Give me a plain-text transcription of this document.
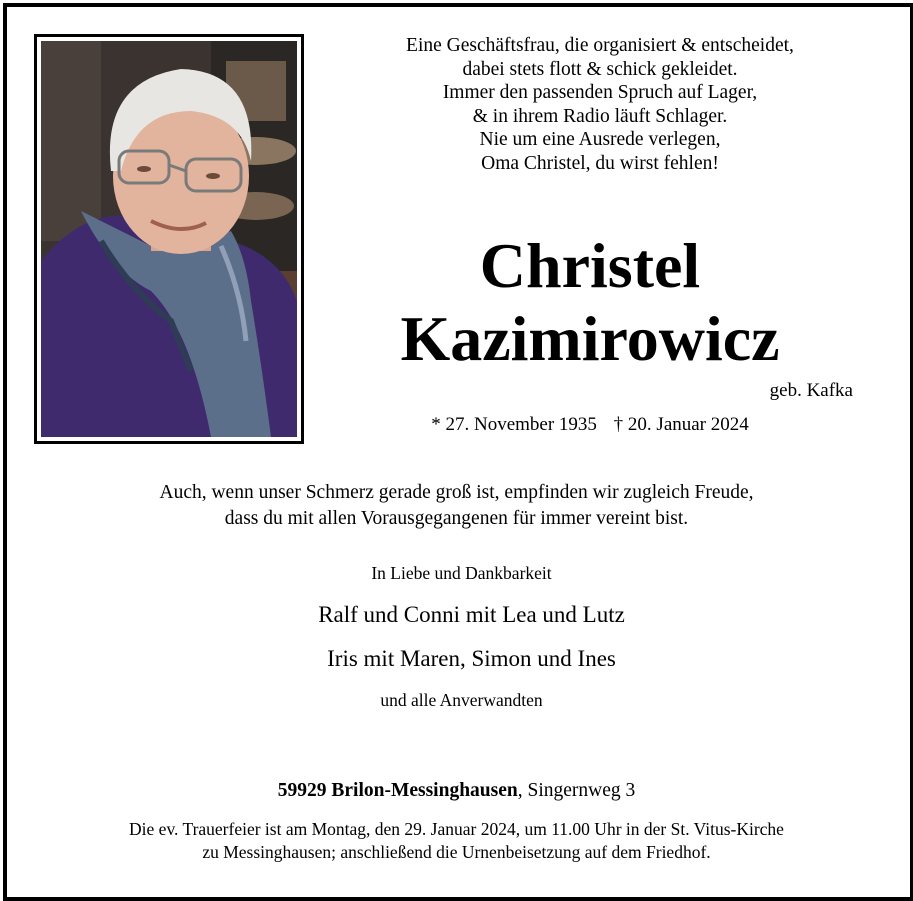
Eine Geschäftsfrau, die organisiert & entscheidet,
dabei stets flott & schick gekleidet.
Immer den passenden Spruch auf Lager,
& in ihrem Radio läuft Schlager.
Nie um eine Ausrede verlegen,
Oma Christel, du wirst fehlen!
Christel
Kazimirowicz
geb. Kafka
* 27. November 1935 † 20. Januar 2024
Auch, wenn unser Schmerz gerade groß ist, empfinden wir zugleich Freude,
dass du mit allen Vorausgegangenen für immer vereint bist.
In Liebe und Dankbarkeit
Ralf und Conni mit Lea und Lutz
Iris mit Maren, Simon und Ines
und alle Anverwandten
59929 Brilon-Messinghausen, Singernweg 3
Die ev. Trauerfeier ist am Montag, den 29. Januar 2024, um 11.00 Uhr in der St. Vitus-Kirche
zu Messinghausen; anschließend die Urnenbeisetzung auf dem Friedhof.
